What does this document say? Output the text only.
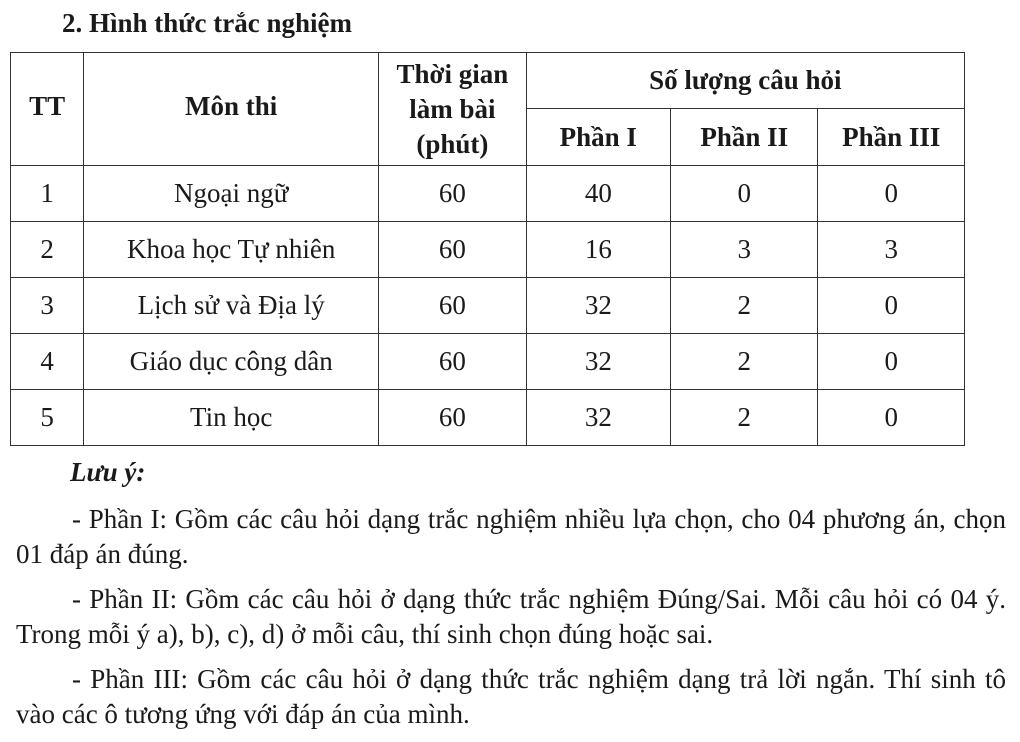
2. Hình thức trắc nghiệm
TT	Môn thi	Thời gian
làm bài
(phút)	Số lượng câu hỏi		
			Phần I	Phần II	Phần III
1	Ngoại ngữ	60	40	0	0
2	Khoa học Tự nhiên	60	16	3	3
3	Lịch sử và Địa lý	60	32	2	0
4	Giáo dục công dân	60	32	2	0
5	Tin học	60	32	2	0

Lưu ý:

- Phần I: Gồm các câu hỏi dạng trắc nghiệm nhiều lựa chọn, cho 04 phương án, chọn 01 đáp án đúng.

- Phần II: Gồm các câu hỏi ở dạng thức trắc nghiệm Đúng/Sai. Mỗi câu hỏi có 04 ý. Trong mỗi ý a), b), c), d) ở mỗi câu, thí sinh chọn đúng hoặc sai.

- Phần III: Gồm các câu hỏi ở dạng thức trắc nghiệm dạng trả lời ngắn. Thí sinh tô vào các ô tương ứng với đáp án của mình.
